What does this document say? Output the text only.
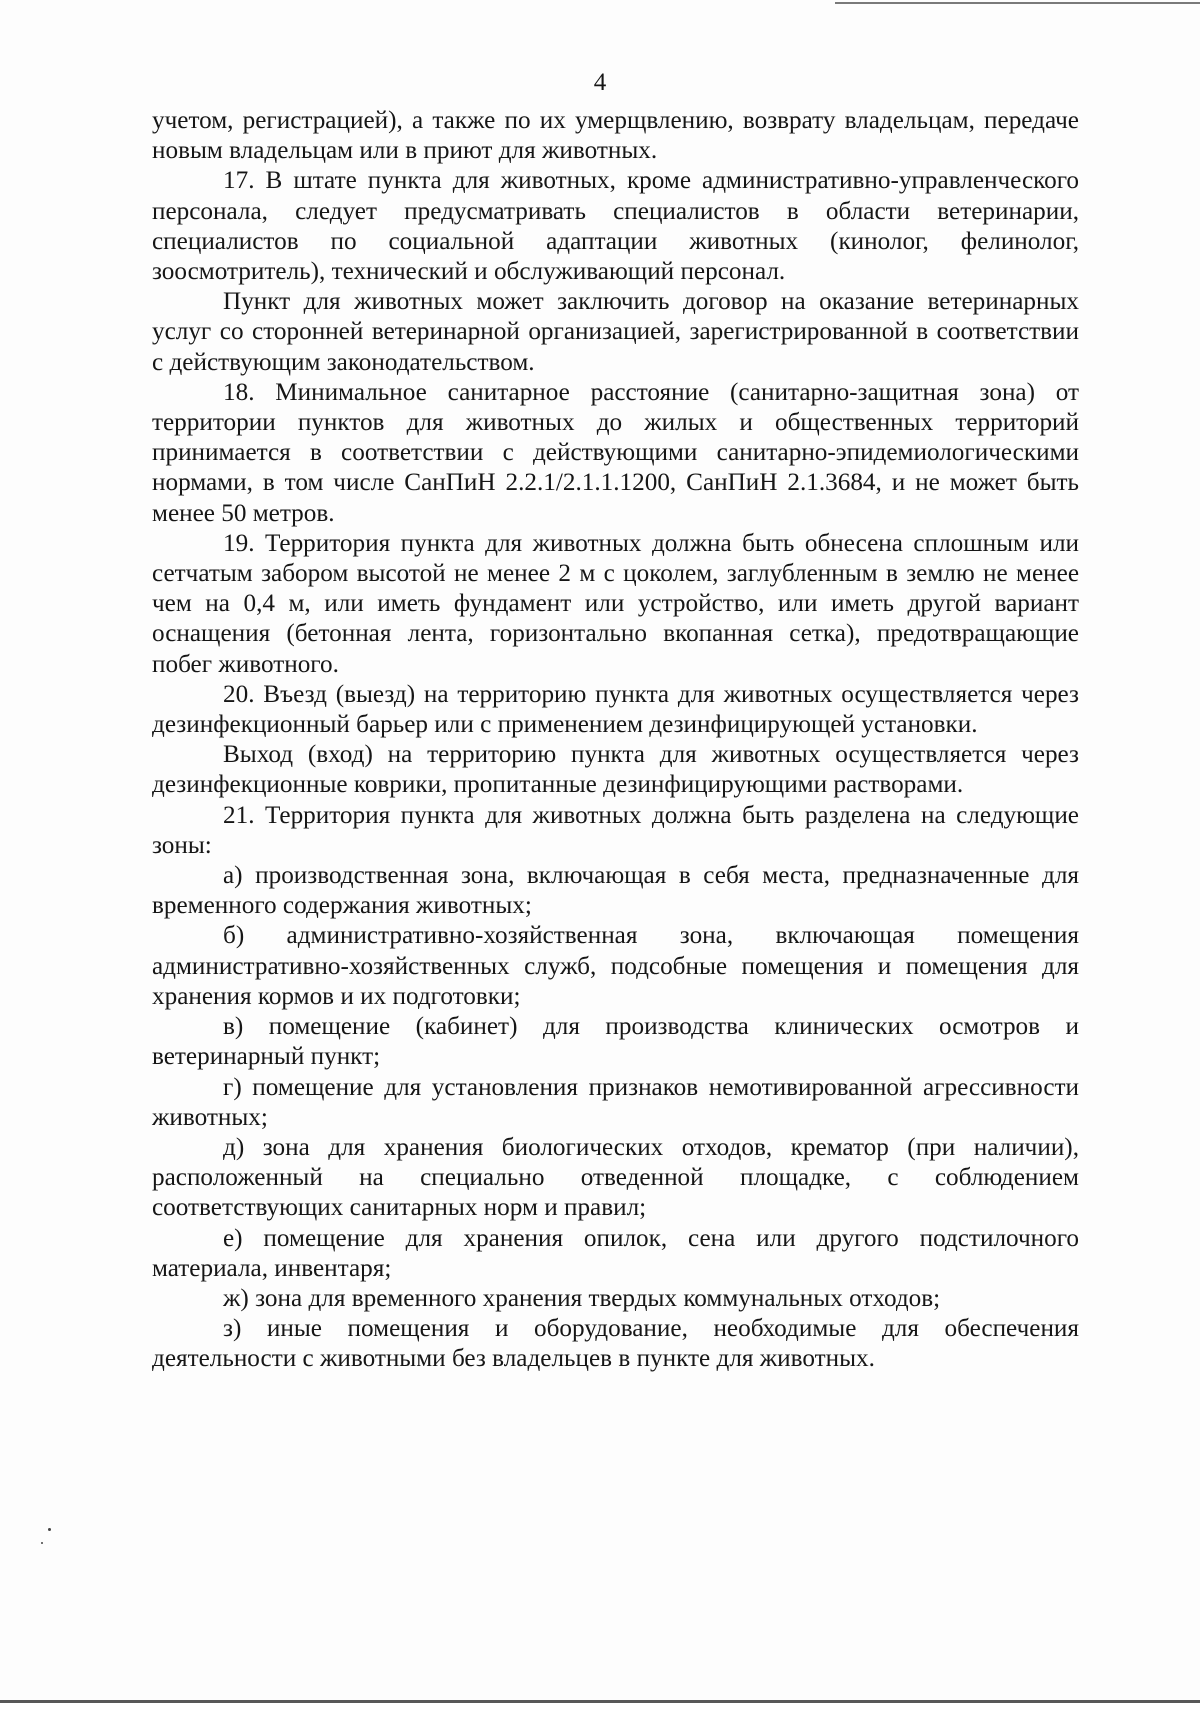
4

учетом, регистрацией), а также по их умерщвлению, возврату владельцам, передаче новым владельцам или в приют для животных.

17. В штате пункта для животных, кроме административно-управленческого персонала, следует предусматривать специалистов в области ветеринарии, специалистов по социальной адаптации животных (кинолог, фелинолог, зоосмотритель), технический и обслуживающий персонал.

Пункт для животных может заключить договор на оказание ветеринарных услуг со сторонней ветеринарной организацией, зарегистрированной в соответствии с действующим законодательством.

18. Минимальное санитарное расстояние (санитарно-защитная зона) от территории пунктов для животных до жилых и общественных территорий принимается в соответствии с действующими санитарно-эпидемиологическими нормами, в том числе СанПиН 2.2.1/2.1.1.1200, СанПиН 2.1.3684, и не может быть менее 50 метров.

19. Территория пункта для животных должна быть обнесена сплошным или сетчатым забором высотой не менее 2 м с цоколем, заглубленным в землю не менее чем на 0,4 м, или иметь фундамент или устройство, или иметь другой вариант оснащения (бетонная лента, горизонтально вкопанная сетка), предотвращающие побег животного.

20. Въезд (выезд) на территорию пункта для животных осуществляется через дезинфекционный барьер или с применением дезинфицирующей установки.

Выход (вход) на территорию пункта для животных осуществляется через дезинфекционные коврики, пропитанные дезинфицирующими растворами.

21. Территория пункта для животных должна быть разделена на следующие зоны:

а) производственная зона, включающая в себя места, предназначенные для временного содержания животных;

б) административно-хозяйственная зона, включающая помещения административно-хозяйственных служб, подсобные помещения и помещения для хранения кормов и их подготовки;

в) помещение (кабинет) для производства клинических осмотров и ветеринарный пункт;

г) помещение для установления признаков немотивированной агрессивности животных;

д) зона для хранения биологических отходов, крематор (при наличии), расположенный на специально отведенной площадке, с соблюдением соответствующих санитарных норм и правил;

е) помещение для хранения опилок, сена или другого подстилочного материала, инвентаря;

ж) зона для временного хранения твердых коммунальных отходов;

з) иные помещения и оборудование, необходимые для обеспечения деятельности с животными без владельцев в пункте для животных.
